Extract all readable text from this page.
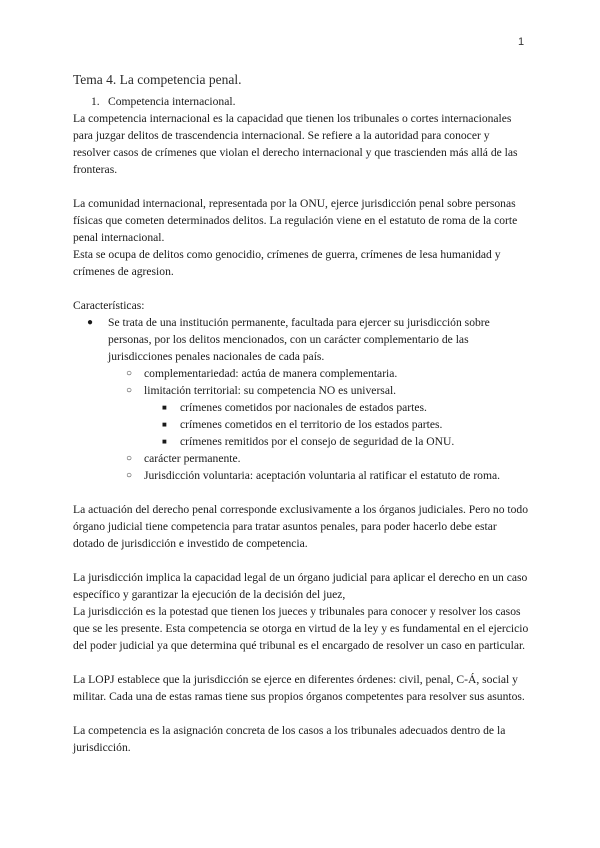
1
Tema 4. La competencia penal.
1. Competencia internacional.

La competencia internacional es la capacidad que tienen los tribunales o cortes internacionales para juzgar delitos de trascendencia internacional. Se refiere a la autoridad para conocer y resolver casos de crímenes que violan el derecho internacional y que trascienden más allá de las fronteras.

La comunidad internacional, representada por la ONU, ejerce jurisdicción penal sobre personas físicas que cometen determinados delitos. La regulación viene en el estatuto de roma de la corte penal internacional.

Esta se ocupa de delitos como genocidio, crímenes de guerra, crímenes de lesa humanidad y crímenes de agresion.

Características:

●	Se trata de una institución permanente, facultada para ejercer su jurisdicción sobre personas, por los delitos mencionados, con un carácter complementario de las jurisdicciones penales nacionales de cada país.
○	complementariedad: actúa de manera complementaria.
○	limitación territorial: su competencia NO es universal.
■	crímenes cometidos por nacionales de estados partes.
■	crímenes cometidos en el territorio de los estados partes.
■	crímenes remitidos por el consejo de seguridad de la ONU.
○	carácter permanente.
○	Jurisdicción voluntaria: aceptación voluntaria al ratificar el estatuto de roma.

La actuación del derecho penal corresponde exclusivamente a los órganos judiciales. Pero no todo órgano judicial tiene competencia para tratar asuntos penales, para poder hacerlo debe estar dotado de jurisdicción e investido de competencia.

La jurisdicción implica la capacidad legal de un órgano judicial para aplicar el derecho en un caso específico y garantizar la ejecución de la decisión del juez,

La jurisdicción es la potestad que tienen los jueces y tribunales para conocer y resolver los casos que se les presente. Esta competencia se otorga en virtud de la ley y es fundamental en el ejercicio del poder judicial ya que determina qué tribunal es el encargado de resolver un caso en particular.

La LOPJ establece que la jurisdicción se ejerce en diferentes órdenes: civil, penal, C-Á, social y militar. Cada una de estas ramas tiene sus propios órganos competentes para resolver sus asuntos.

La competencia es la asignación concreta de los casos a los tribunales adecuados dentro de la jurisdicción.
